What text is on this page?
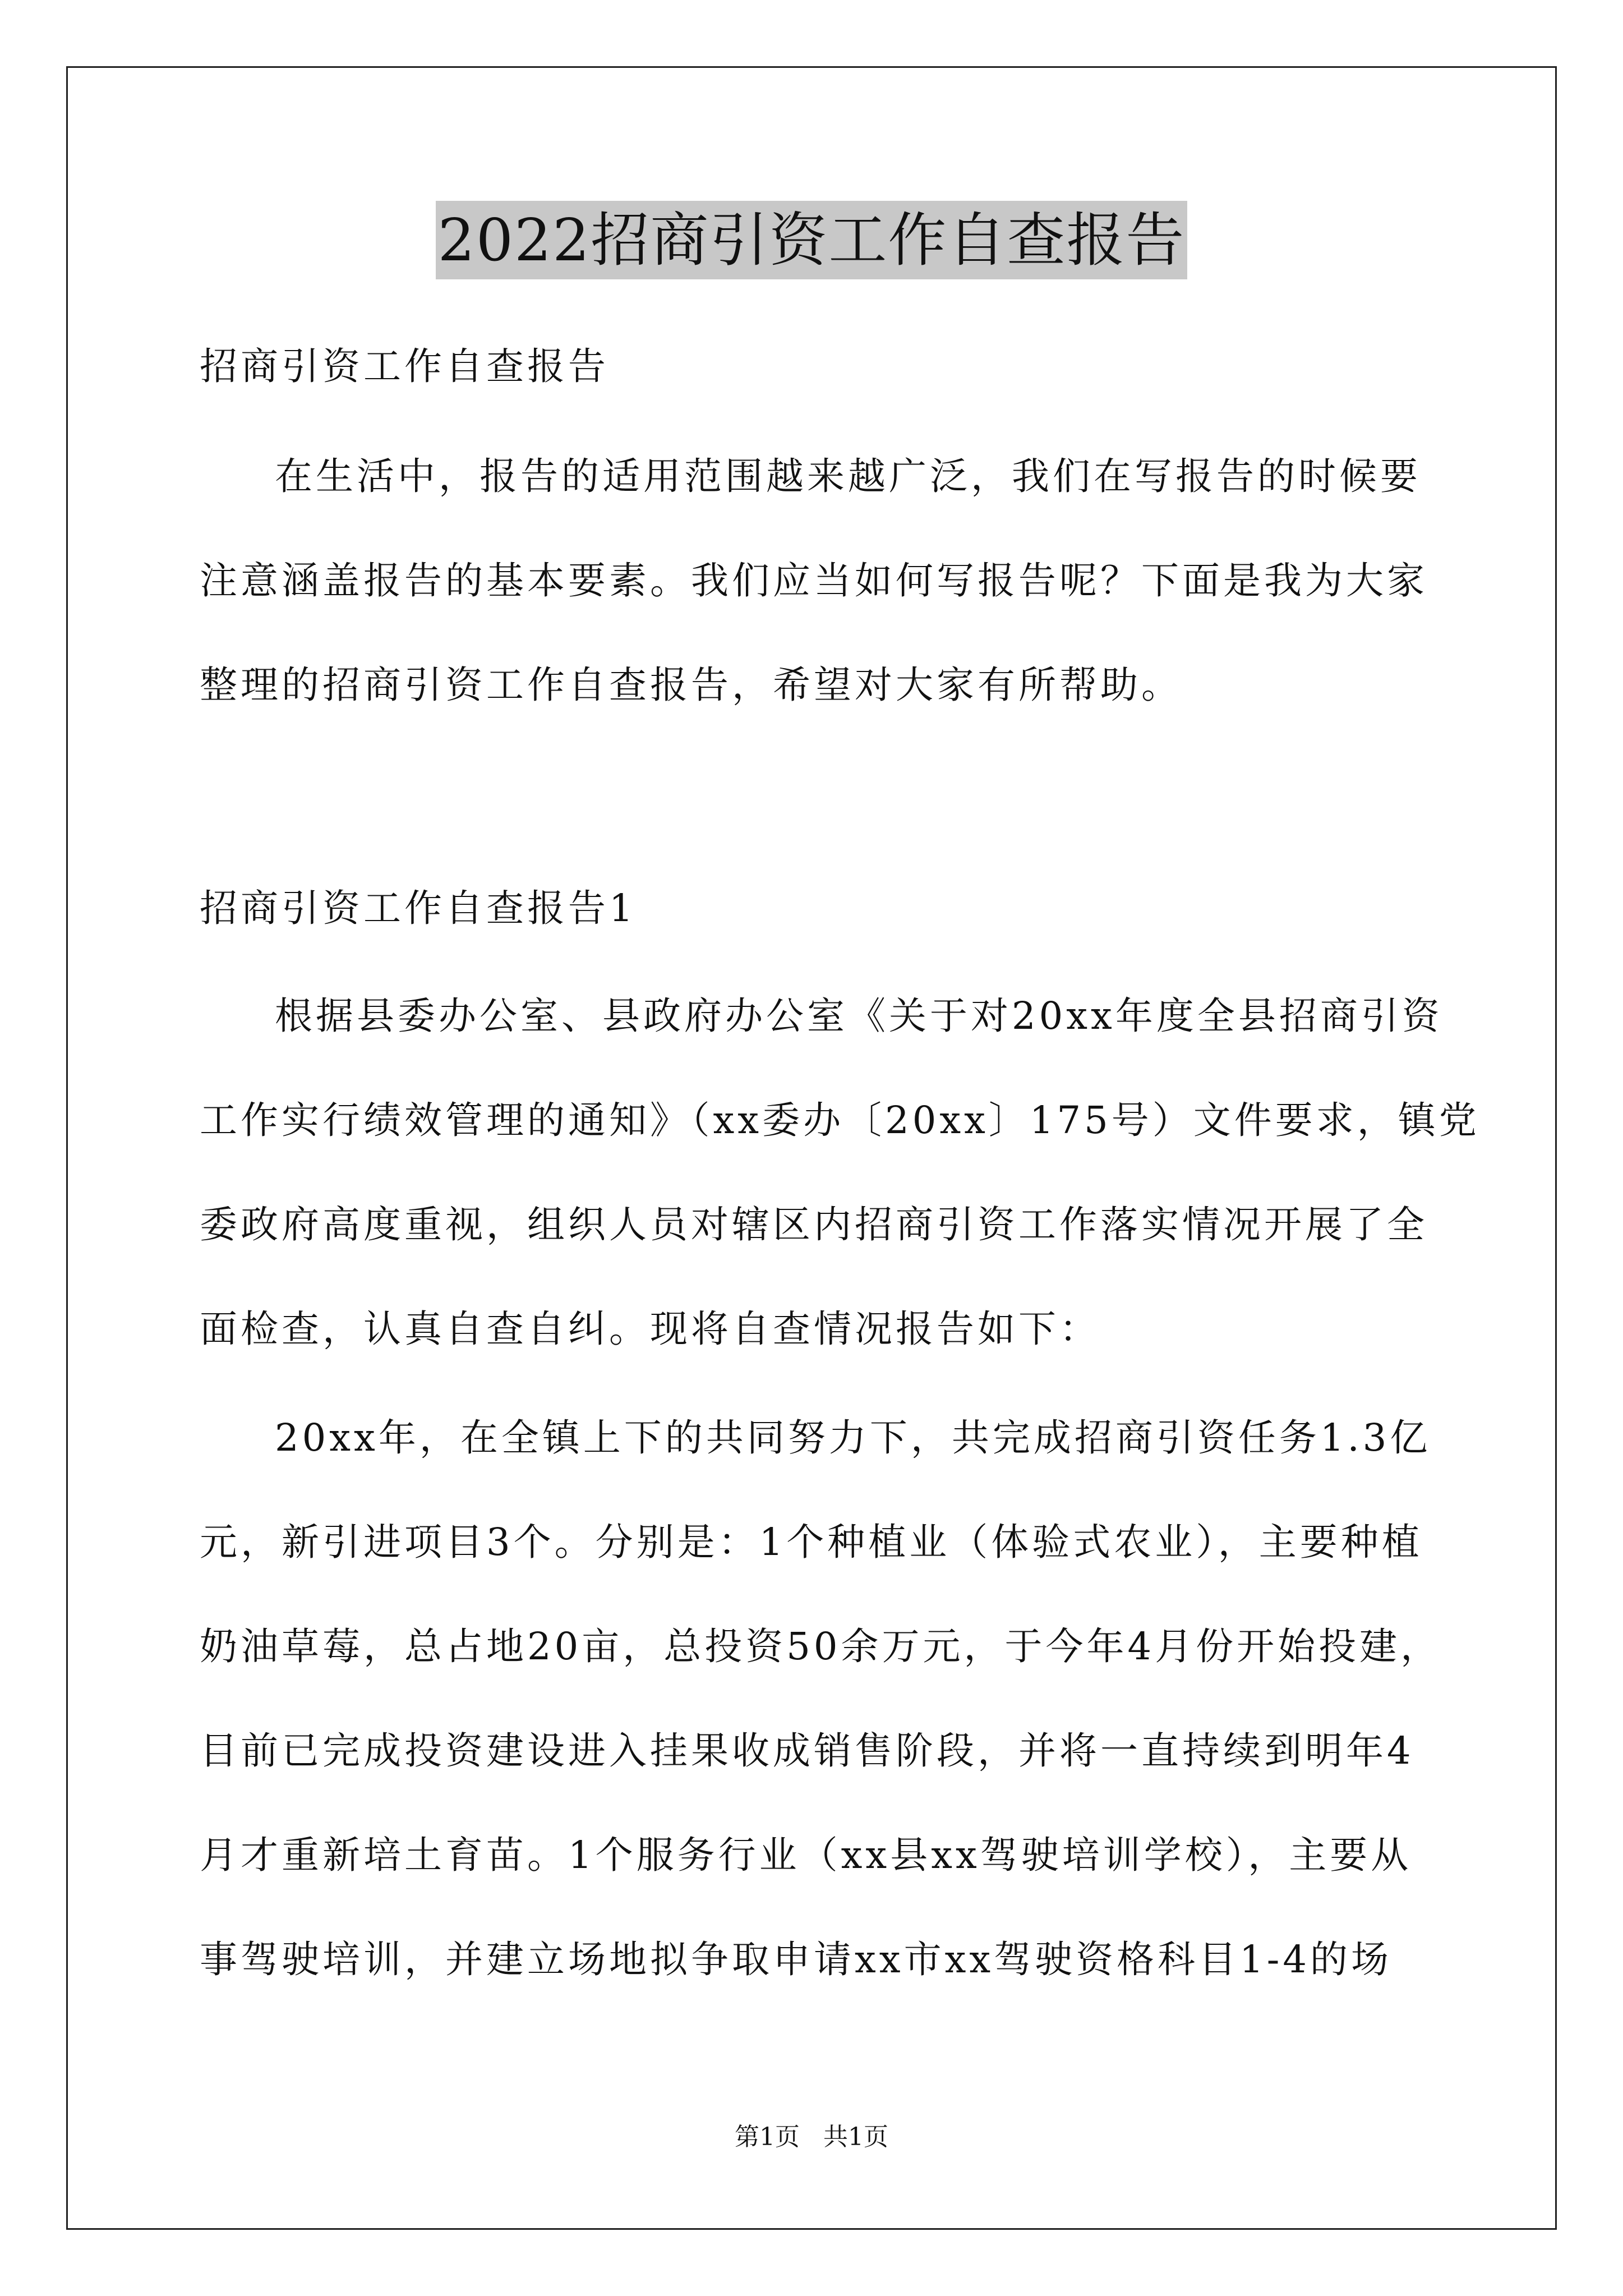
2022招商引资工作自查报告

招商引资工作自查报告

在生活中，报告的适用范围越来越广泛，我们在写报告的时候要
注意涵盖报告的基本要素。我们应当如何写报告呢？下面是我为大家
整理的招商引资工作自查报告，希望对大家有所帮助。

招商引资工作自查报告1

根据县委办公室、县政府办公室《关于对20xx年度全县招商引资
工作实行绩效管理的通知》（xx委办〔20xx〕175号）文件要求，镇党
委政府高度重视，组织人员对辖区内招商引资工作落实情况开展了全
面检查，认真自查自纠。现将自查情况报告如下：

20xx年，在全镇上下的共同努力下，共完成招商引资任务1.3亿
元，新引进项目3个。分别是：1个种植业（体验式农业），主要种植
奶油草莓，总占地20亩，总投资50余万元，于今年4月份开始投建，
目前已完成投资建设进入挂果收成销售阶段，并将一直持续到明年4
月才重新培土育苗。1个服务行业（xx县xx驾驶培训学校），主要从
事驾驶培训，并建立场地拟争取申请xx市xx驾驶资格科目1-4的场

第1页 共1页
